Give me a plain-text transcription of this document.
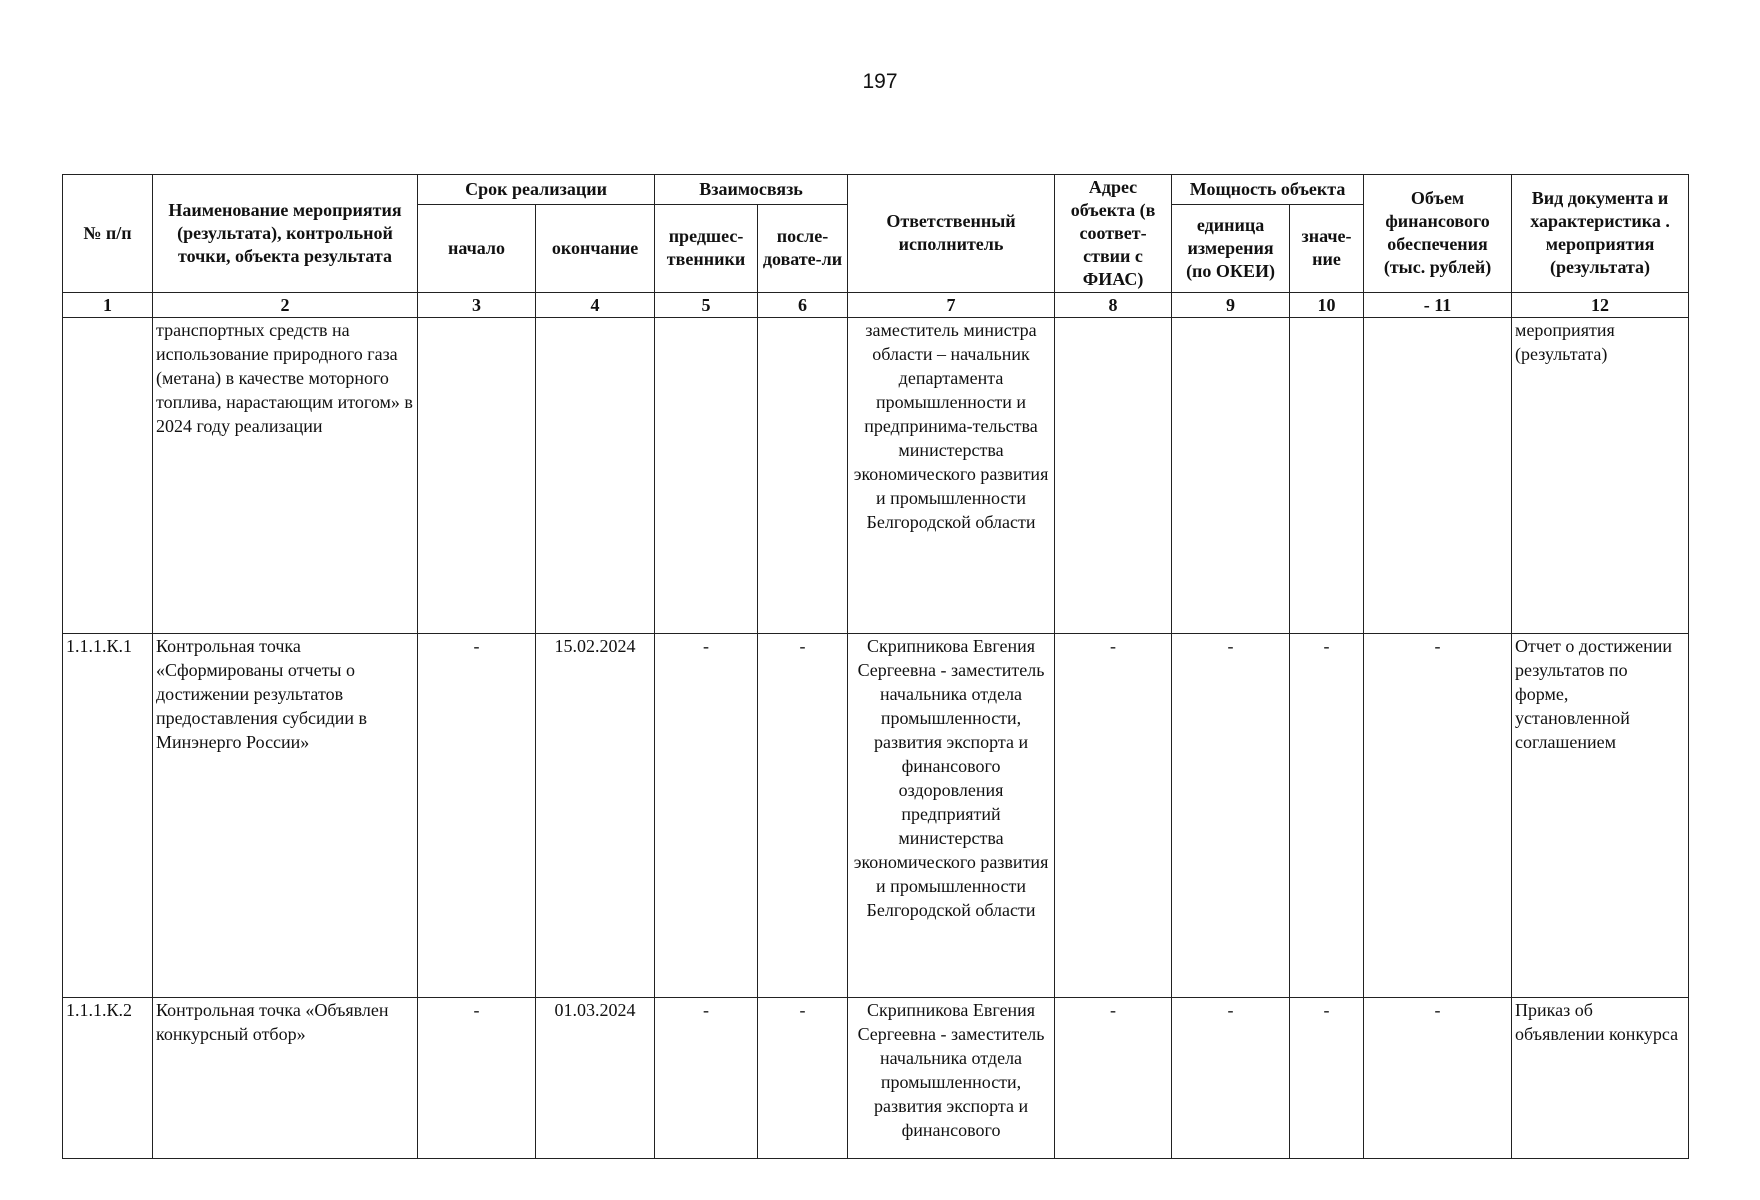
197
№ п/п	Наименование мероприятия (результата), контрольной точки, объекта результата	Срок реализации		Взаимосвязь		Ответственный исполнитель	Адрес объекта (в соответ-ствии с ФИАС)	Мощность объекта		Объем финансового обеспечения (тыс. рублей)	Вид документа и характеристика . мероприятия (результата)
		начало	окончание	предшес-твенники	после-довате-ли			единица измерения (по ОКЕИ)	значе-ние		
1	2	3	4	5	6	7	8	9	10	- 11	12
	транспортных средств на использование природного газа (метана) в качестве моторного топлива, нарастающим итогом» в 2024 году реализации					заместитель министра области – начальник департамента промышленности и предпринима-тельства министерства экономического развития и промышленности Белгородской области					мероприятия (результата)
1.1.1.К.1	Контрольная точка «Сформированы отчеты о достижении результатов предоставления субсидии в Минэнерго России»	-	15.02.2024	-	-	Скрипникова Евгения Сергеевна - заместитель начальника отдела промышленности, развития экспорта и финансового оздоровления предприятий министерства экономического развития и промышленности Белгородской области	-	-	-	-	Отчет о достижении результатов по форме, установленной соглашением
1.1.1.К.2	Контрольная точка «Объявлен конкурсный отбор»	-	01.03.2024	-	-	Скрипникова Евгения Сергеевна - заместитель начальника отдела промышленности, развития экспорта и финансового	-	-	-	-	Приказ об объявлении конкурса
